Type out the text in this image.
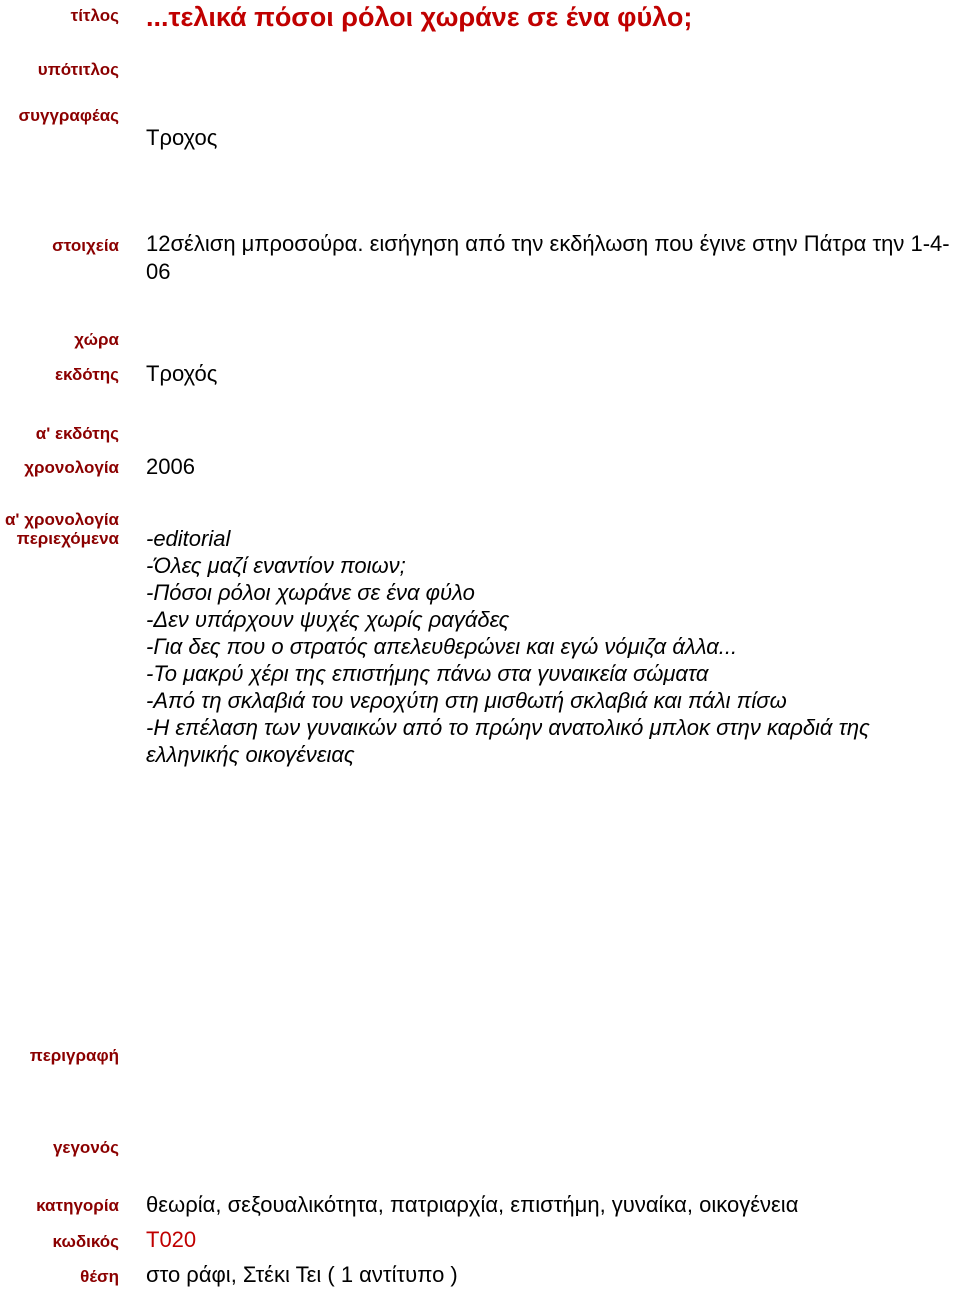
τίτλος
υπότιτλος
συγγραφέας
στοιχεία
χώρα
εκδότης
α' εκδότης
χρονολογία
α' χρονολογία
περιεχόμενα
περιγραφή
γεγονός
κατηγορία
κωδικός
θέση
...τελικά πόσοι ρόλοι χωράνε σε ένα φύλο;
Τροχος
12σέλιση μπροσούρα. εισήγηση από την εκδήλωση που έγινε στην Πάτρα την 1-4-06
Τροχός
2006
-editorial
-Όλες μαζί εναντίον ποιων;
-Πόσοι ρόλοι χωράνε σε ένα φύλο
-Δεν υπάρχουν ψυχές χωρίς ραγάδες
-Για δες που ο στρατός απελευθερώνει και εγώ νόμιζα άλλα...
-Το μακρύ χέρι της επιστήμης πάνω στα γυναικεία σώματα
-Από τη σκλαβιά του νεροχύτη στη μισθωτή σκλαβιά και πάλι πίσω
-Η επέλαση των γυναικών από το πρώην ανατολικό μπλοκ στην καρδιά της
ελληνικής οικογένειας
θεωρία, σεξουαλικότητα, πατριαρχία, επιστήμη, γυναίκα, οικογένεια
Τ020
στο ράφι, Στέκι Τει ( 1 αντίτυπο )
